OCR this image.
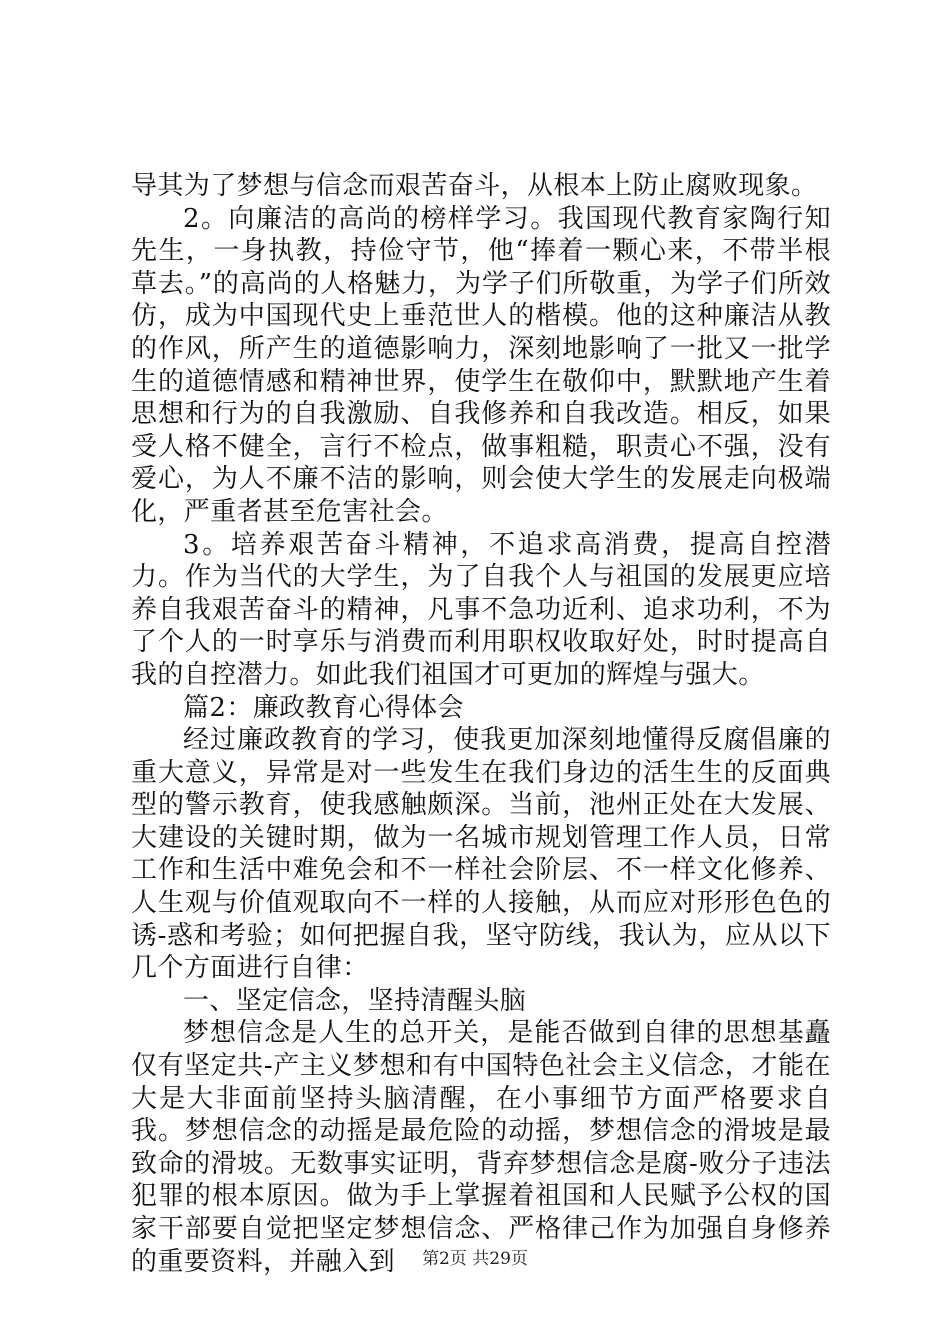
导其为了梦想与信念而艰苦奋斗，从根本上防止腐败现象。

2。向廉洁的高尚的榜样学习。我国现代教育家陶行知先生，一身执教，持俭守节，他“捧着一颗心来，不带半根草去。”的高尚的人格魅力，为学子们所敬重，为学子们所效仿，成为中国现代史上垂范世人的楷模。他的这种廉洁从教的作风，所产生的道德影响力，深刻地影响了一批又一批学生的道德情感和精神世界，使学生在敬仰中，默默地产生着思想和行为的自我激励、自我修养和自我改造。相反，如果受人格不健全，言行不检点，做事粗糙，职责心不强，没有爱心，为人不廉不洁的影响，则会使大学生的发展走向极端化，严重者甚至危害社会。

3。培养艰苦奋斗精神，不追求高消费，提高自控潜力。作为当代的大学生，为了自我个人与祖国的发展更应培养自我艰苦奋斗的精神，凡事不急功近利、追求功利，不为了个人的一时享乐与消费而利用职权收取好处，时时提高自我的自控潜力。如此我们祖国才可更加的辉煌与强大。

篇2：廉政教育心得体会

经过廉政教育的学习，使我更加深刻地懂得反腐倡廉的重大意义，异常是对一些发生在我们身边的活生生的反面典型的警示教育，使我感触颇深。当前，池州正处在大发展、大建设的关键时期，做为一名城市规划管理工作人员，日常工作和生活中难免会和不一样社会阶层、不一样文化修养、人生观与价值观取向不一样的人接触，从而应对形形色色的诱-惑和考验；如何把握自我，坚守防线，我认为，应从以下几个方面进行自律：

一、坚定信念，坚持清醒头脑

梦想信念是人生的总开关，是能否做到自律的思想基矗仅有坚定共-产主义梦想和有中国特色社会主义信念，才能在大是大非面前坚持头脑清醒，在小事细节方面严格要求自我。梦想信念的动摇是最危险的动摇，梦想信念的滑坡是最致命的滑坡。无数事实证明，背弃梦想信念是腐-败分子违法犯罪的根本原因。做为手上掌握着祖国和人民赋予公权的国家干部要自觉把坚定梦想信念、严格律己作为加强自身修养的重要资料，并融入到	第2页 共29页
